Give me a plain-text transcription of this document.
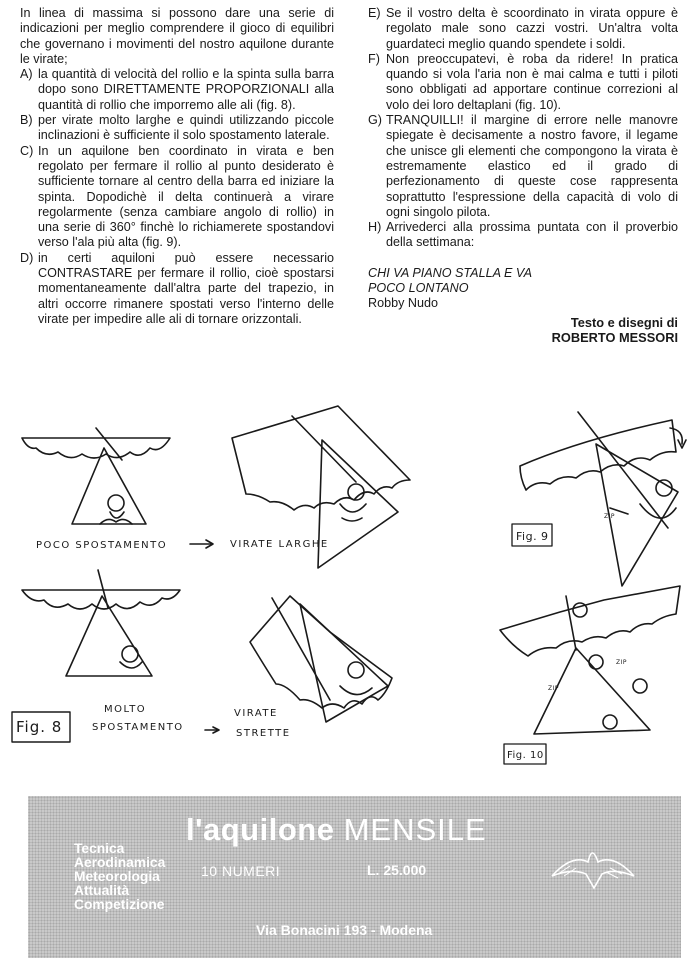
In linea di massima si possono dare una serie di indicazioni per meglio comprendere il gioco di equilibri che governano i movimenti del nostro aquilone durante le virate;

A) la quantità di velocità del rollio e la spinta sulla barra dopo sono DIRETTAMENTE PROPORZIONALI alla quantità di rollio che imporremo alle ali (fig. 8).
B) per virate molto larghe e quindi utilizzando piccole inclinazioni è sufficiente il solo spostamento laterale.
C) In un aquilone ben coordinato in virata e ben regolato per fermare il rollio al punto desiderato è sufficiente tornare al centro della barra ed iniziare la spinta. Dopodichè il delta continuerà a virare regolarmente (senza cambiare angolo di rollio) in una serie di 360° finchè lo richiamerete spostandovi verso l'ala più alta (fig. 9).
D) in certi aquiloni può essere necessario CONTRASTARE per fermare il rollio, cioè spostarsi momentaneamente dall'altra parte del trapezio, in altri occorre rimanere spostati verso l'interno delle virate per impedire alle ali di tornare orizzontali.
E) Se il vostro delta è scoordinato in virata oppure è regolato male sono cazzi vostri. Un'altra volta guardateci meglio quando spendete i soldi.
F) Non preoccupatevi, è roba da ridere! In pratica quando si vola l'aria non è mai calma e tutti i piloti sono obbligati ad apportare continue correzioni al volo dei loro deltaplani (fig. 10).
G) TRANQUILLI! il margine di errore nelle manovre spiegate è decisamente a nostro favore, il legame che unisce gli elementi che compongono la virata è estremamente elastico ed il grado di perfezionamento di queste cose rappresenta soprattutto l'espressione della capacità di volo di ogni singolo pilota.
H) Arrivederci alla prossima puntata con il proverbio della settimana:
CHI VA PIANO STALLA E VA
POCO LONTANO
Robby Nudo
Testo e disegni di
ROBERTO MESSORI
POCO SPOSTAMENTO	VIRATE LARGHE
MOLTO
SPOSTAMENTO
VIRATE
STRETTE
Fig. 8
Fig. 9
Fig. 10
ZIP
ZIP
ZIP
l'aquilone MENSILE
Tecnica
Aerodinamica
Meteorologia
Attualità
Competizione
10 NUMERI	L. 25.000
Via Bonacini 193 - Modena
